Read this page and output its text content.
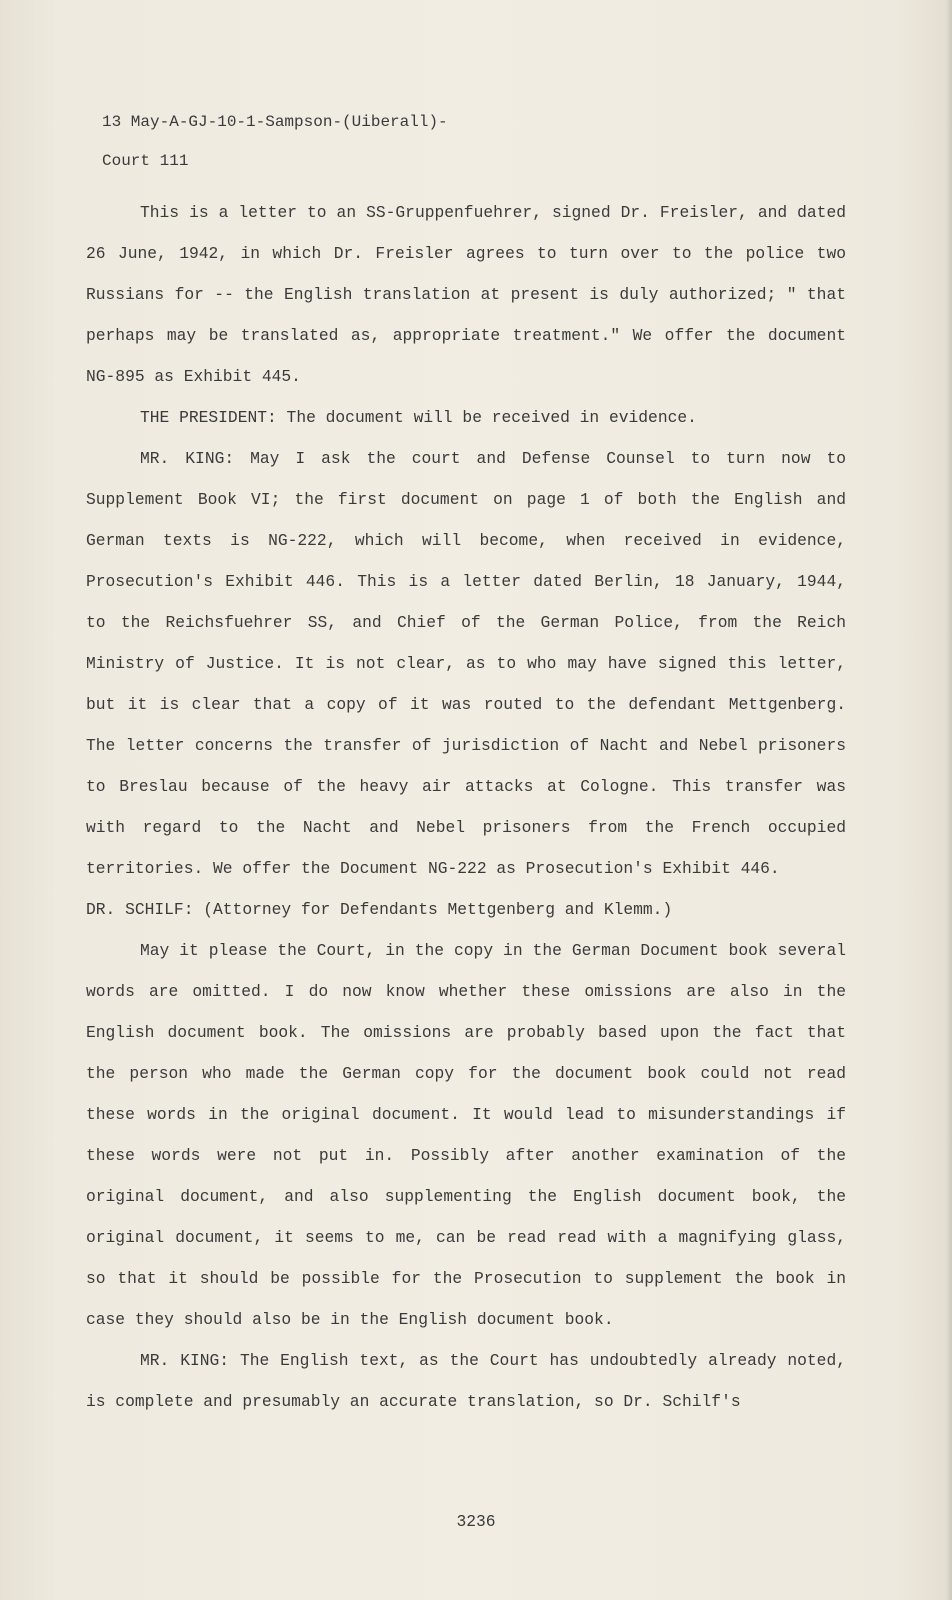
13 May-A-GJ-10-1-Sampson-(Uiberall)-
Court 111

This is a letter to an SS-Gruppenfuehrer, signed Dr. Freisler, and dated 26 June, 1942, in which Dr. Freisler agrees to turn over to the police two Russians for -- the English translation at present is duly authorized; " that perhaps may be translated as, appropriate treatment." We offer the document NG-895 as Exhibit 445.

THE PRESIDENT: The document will be received in evidence.

MR. KING: May I ask the court and Defense Counsel to turn now to Supplement Book VI; the first document on page 1 of both the English and German texts is NG-222, which will become, when received in evidence, Prosecution's Exhibit 446. This is a letter dated Berlin, 18 January, 1944, to the Reichsfuehrer SS, and Chief of the German Police, from the Reich Ministry of Justice. It is not clear, as to who may have signed this letter, but it is clear that a copy of it was routed to the defendant Mettgenberg. The letter concerns the transfer of jurisdiction of Nacht and Nebel prisoners to Breslau because of the heavy air attacks at Cologne. This transfer was with regard to the Nacht and Nebel prisoners from the French occupied territories. We offer the Document NG-222 as Prosecution's Exhibit 446.

DR. SCHILF: (Attorney for Defendants Mettgenberg and Klemm.)

May it please the Court, in the copy in the German Document book several words are omitted. I do now know whether these omissions are also in the English document book. The omissions are probably based upon the fact that the person who made the German copy for the document book could not read these words in the original document. It would lead to misunderstandings if these words were not put in. Possibly after another examination of the original document, and also supplementing the English document book, the original document, it seems to me, can be read read with a magnifying glass, so that it should be possible for the Prosecution to supplement the book in case they should also be in the English document book.

MR. KING: The English text, as the Court has undoubtedly already noted, is complete and presumably an accurate translation, so Dr. Schilf's

3236
